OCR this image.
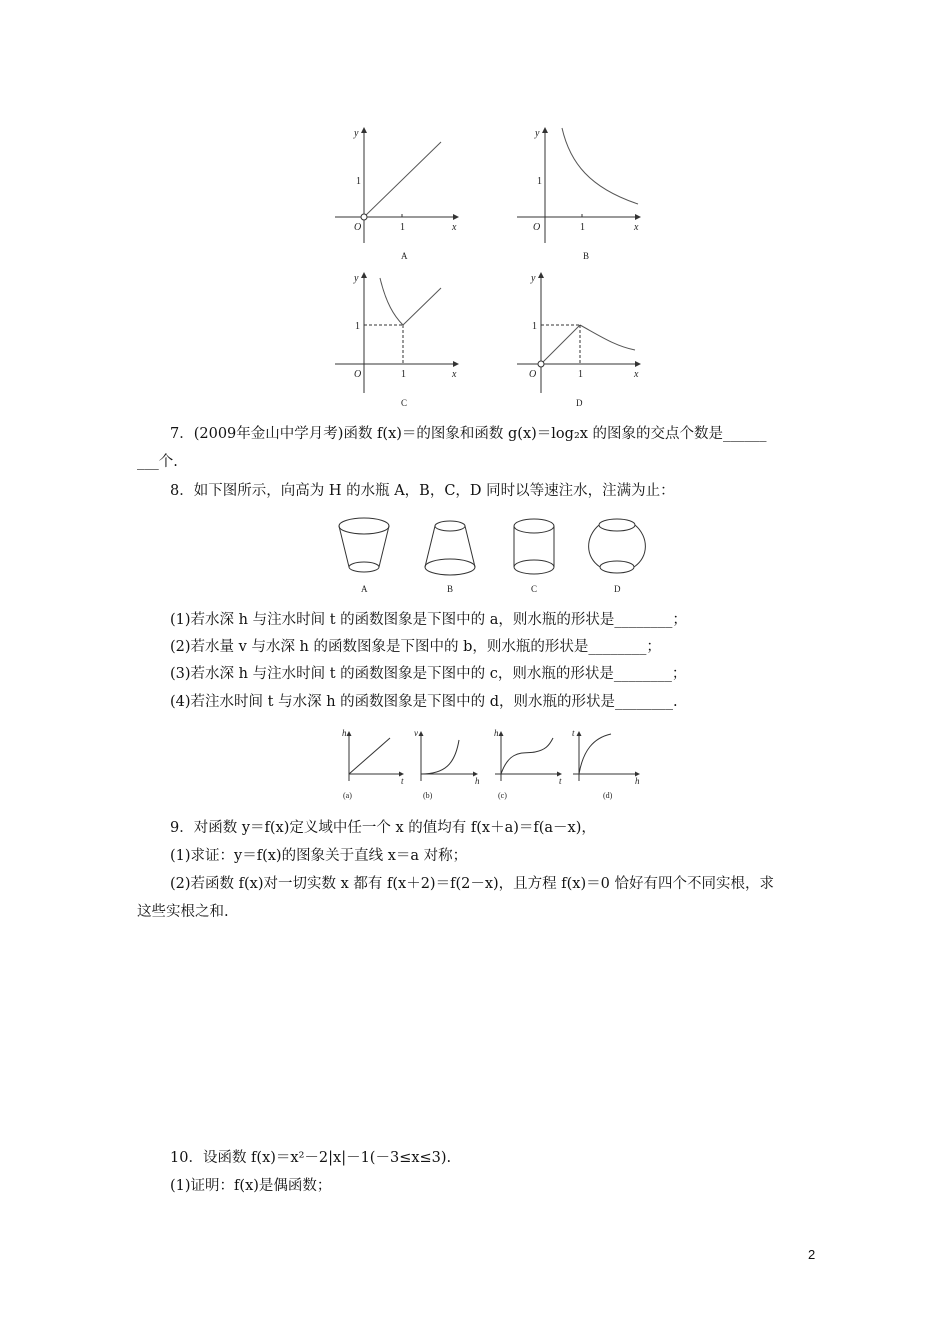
y
x
O
y
x
O
y
x
O
y
x
O
1
1
1
1
1
1
1
1
A	B
C	D
7．(2009年金山中学月考)函数 f(x)＝的图象和函数 g(x)＝log₂x 的图象的交点个数是______
___个.
8．如下图所示，向高为 H 的水瓶 A，B，C，D 同时以等速注水，注满为止：
A	B	C	D
(1)若水深 h 与注水时间 t 的函数图象是下图中的 a，则水瓶的形状是________；
(2)若水量 v 与水深 h 的函数图象是下图中的 b，则水瓶的形状是________；
(3)若水深 h 与注水时间 t 的函数图象是下图中的 c，则水瓶的形状是________；
(4)若注水时间 t 与水深 h 的函数图象是下图中的 d，则水瓶的形状是________.
h
t
v
h
h
t
t
h
(a)	(b)	(c)	(d)
9．对函数 y＝f(x)定义域中任一个 x 的值均有 f(x＋a)＝f(a－x)，
(1)求证：y＝f(x)的图象关于直线 x＝a 对称；
(2)若函数 f(x)对一切实数 x 都有 f(x＋2)＝f(2－x)，且方程 f(x)＝0 恰好有四个不同实根，求
这些实根之和.
10．设函数 f(x)＝x²－2|x|－1(－3≤x≤3).
(1)证明：f(x)是偶函数；
2
